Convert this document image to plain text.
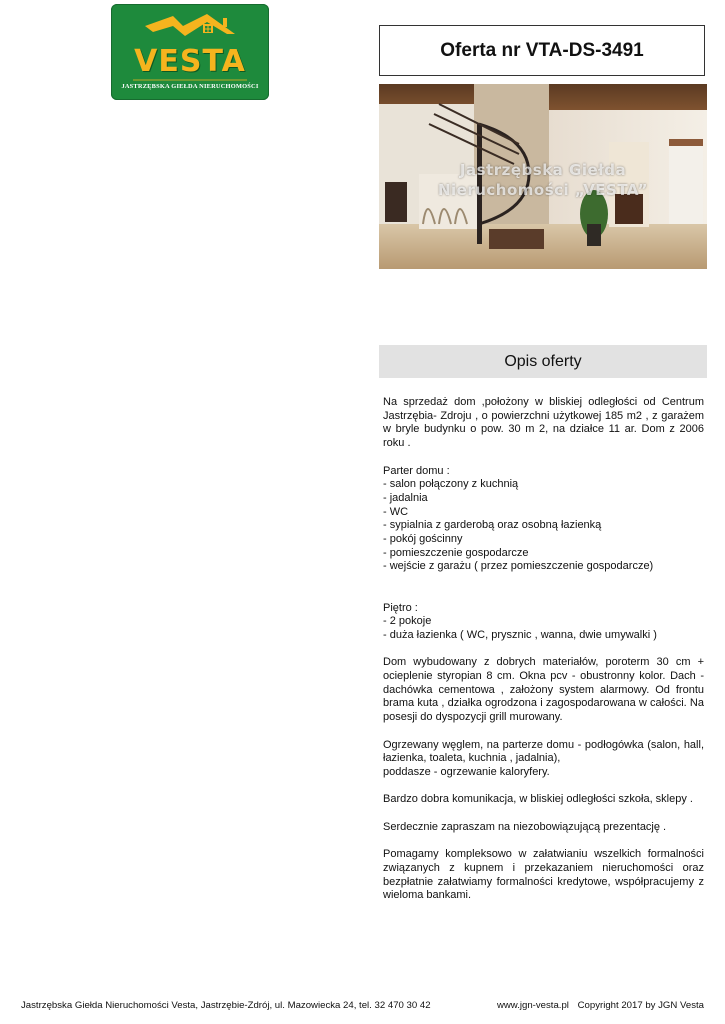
VESTA
JASTRZĘBSKA GIEŁDA NIERUCHOMOŚCI
Oferta nr VTA-DS-3491
Jastrzębska Giełda
Nieruchomości „VESTA”
Opis oferty

Na sprzedaż dom ,położony w bliskiej odległości od Centrum Jastrzębia- Zdroju , o powierzchni użytkowej 185 m2 , z garażem w bryle budynku o pow. 30 m 2, na działce 11 ar. Dom z 2006 roku .

Parter domu :

- salon połączony z kuchnią

- jadalnia

- WC

- sypialnia z garderobą oraz osobną łazienką

- pokój gościnny

- pomieszczenie gospodarcze

- wejście z garażu ( przez pomieszczenie gospodarcze)

Piętro :

- 2 pokoje

- duża łazienka ( WC, prysznic , wanna, dwie umywalki )

Dom wybudowany z dobrych materiałów, poroterm 30 cm + ocieplenie styropian 8 cm. Okna pcv - obustronny kolor. Dach - dachówka cementowa , założony system alarmowy. Od frontu brama kuta , działka ogrodzona i zagospodarowana w całości. Na posesji do dyspozycji grill murowany.

Ogrzewany węglem, na parterze domu - podłogówka (salon, hall, łazienka, toaleta, kuchnia , jadalnia),

poddasze - ogrzewanie kaloryfery.

Bardzo dobra komunikacja, w bliskiej odległości szkoła, sklepy .

Serdecznie zapraszam na niezobowiązującą prezentację .

Pomagamy kompleksowo w załatwianiu wszelkich formalności związanych z kupnem i przekazaniem nieruchomości oraz bezpłatnie załatwiamy formalności kredytowe, współpracujemy z wieloma bankami.

Jastrzębska Giełda Nieruchomości Vesta, Jastrzębie-Zdrój, ul. Mazowiecka 24, tel. 32 470 30 42	www.jgn-vesta.pl Copyright 2017 by JGN Vesta
